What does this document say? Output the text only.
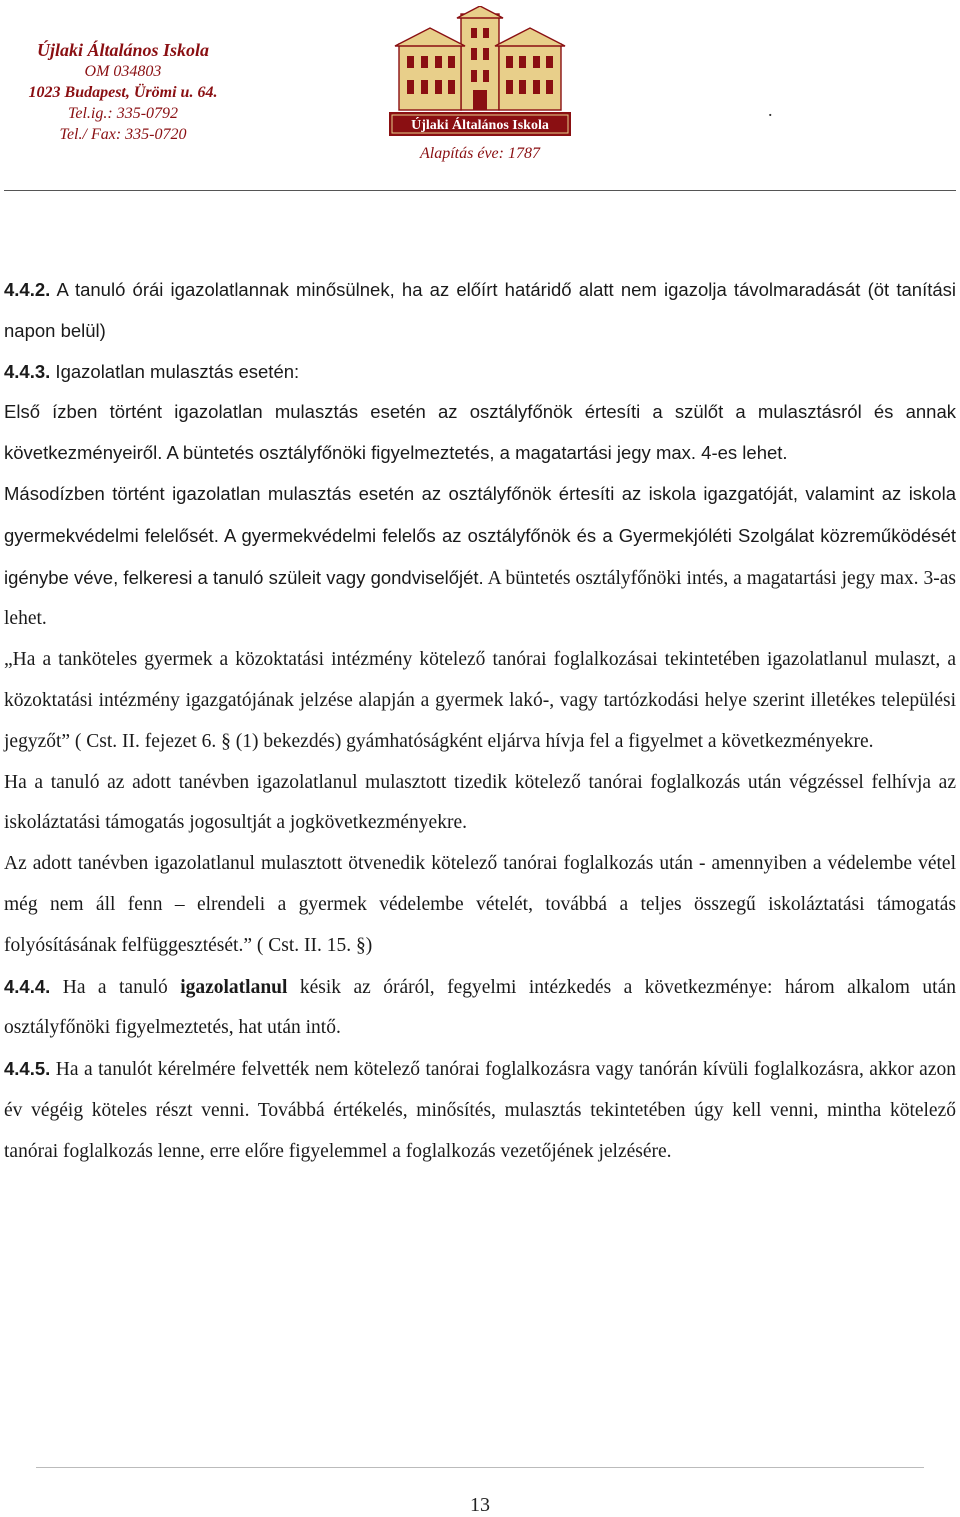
Újlaki Általános Iskola
OM 034803
1023 Budapest, Ürömi u. 64.
Tel.ig.: 335-0792
Tel./ Fax: 335-0720
Újlaki Általános Iskola
Alapítás éve: 1787
.

4.4.2. A tanuló órái igazolatlannak minősülnek, ha az előírt határidő alatt nem igazolja távolmaradását (öt tanítási napon belül)

4.4.3. Igazolatlan mulasztás esetén:

Első ízben történt igazolatlan mulasztás esetén az osztályfőnök értesíti a szülőt a mulasztásról és annak következményeiről. A büntetés osztályfőnöki figyelmeztetés, a magatartási jegy max. 4-es lehet.

Másodízben történt igazolatlan mulasztás esetén az osztályfőnök értesíti az iskola igazgatóját, valamint az iskola gyermekvédelmi felelősét. A gyermekvédelmi felelős az osztályfőnök és a Gyermekjóléti Szolgálat közreműködését igénybe véve, felkeresi a tanuló szüleit vagy gondviselőjét. A büntetés osztályfőnöki intés, a magatartási jegy max. 3-as lehet.

„Ha a tanköteles gyermek a közoktatási intézmény kötelező tanórai foglalkozásai tekintetében igazolatlanul mulaszt, a közoktatási intézmény igazgatójának jelzése alapján a gyermek lakó-, vagy tartózkodási helye szerint illetékes települési jegyzőt” ( Cst. II. fejezet 6. § (1) bekezdés) gyámhatóságként eljárva hívja fel a figyelmet a következményekre.

Ha a tanuló az adott tanévben igazolatlanul mulasztott tizedik kötelező tanórai foglalkozás után végzéssel felhívja az iskoláztatási támogatás jogosultját a jogkövetkezményekre.

Az adott tanévben igazolatlanul mulasztott ötvenedik kötelező tanórai foglalkozás után - amennyiben a védelembe vétel még nem áll fenn – elrendeli a gyermek védelembe vételét, továbbá a teljes összegű iskoláztatási támogatás folyósításának felfüggesztését.” ( Cst. II. 15. §)

4.4.4. Ha a tanuló igazolatlanul késik az óráról, fegyelmi intézkedés a következménye: három alkalom után osztályfőnöki figyelmeztetés, hat után intő.

4.4.5. Ha a tanulót kérelmére felvették nem kötelező tanórai foglalkozásra vagy tanórán kívüli foglalkozásra, akkor azon év végéig köteles részt venni. Továbbá értékelés, minősítés, mulasztás tekintetében úgy kell venni, mintha kötelező tanórai foglalkozás lenne, erre előre figyelemmel a foglalkozás vezetőjének jelzésére.

13
